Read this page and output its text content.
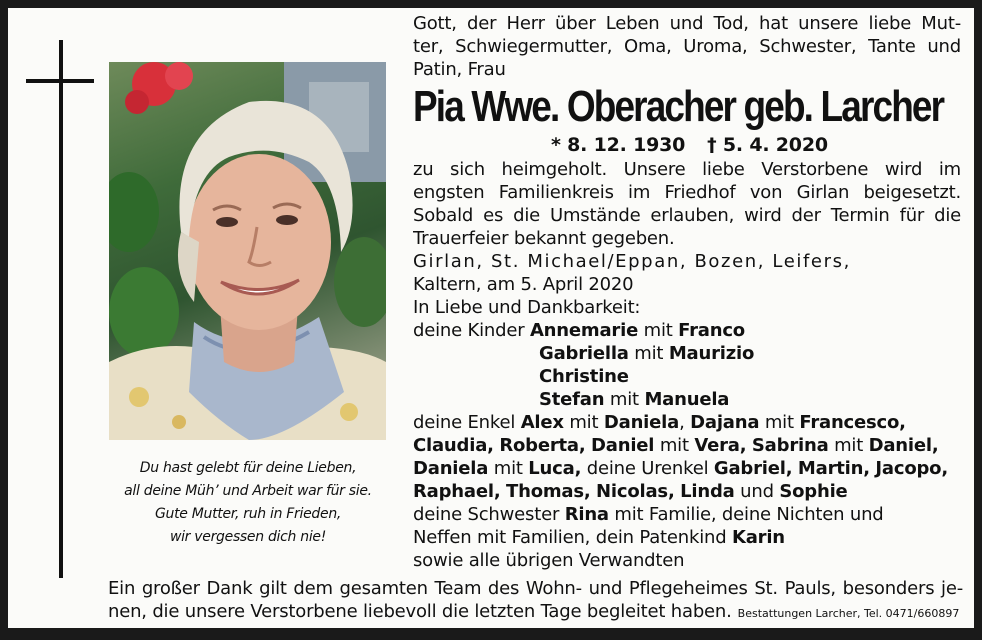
Du hast gelebt für deine Lieben,
all deine Müh’ und Arbeit war für sie.
Gute Mutter, ruh in Frieden,
wir vergessen dich nie!
Gott, der Herr über Leben und Tod, hat unsere liebe Mut-
ter, Schwiegermutter, Oma, Uroma, Schwester, Tante und
Patin, Frau
Pia Wwe. Oberacher geb. Larcher
* 8. 12. 1930 † 5. 4. 2020
zu sich heimgeholt. Unsere liebe Verstorbene wird im
engsten Familienkreis im Friedhof von Girlan beigesetzt.
Sobald es die Umstände erlauben, wird der Termin für die
Trauerfeier bekannt gegeben.
Girlan, St. Michael/Eppan, Bozen, Leifers,
Kaltern, am 5. April 2020
In Liebe und Dankbarkeit:
deine Kinder Annemarie mit Franco
Gabriella mit Maurizio
Christine
Stefan mit Manuela
deine Enkel Alex mit Daniela, Dajana mit Francesco,
Claudia, Roberta, Daniel mit Vera, Sabrina mit Daniel,
Daniela mit Luca, deine Urenkel Gabriel, Martin, Jacopo,
Raphael, Thomas, Nicolas, Linda und Sophie
deine Schwester Rina mit Familie, deine Nichten und
Neffen mit Familien, dein Patenkind Karin
sowie alle übrigen Verwandten
Ein großer Dank gilt dem gesamten Team des Wohn- und Pflegeheimes St. Pauls, besonders je-
nen, die unsere Verstorbene liebevoll die letzten Tage begleitet haben. Bestattungen Larcher, Tel. 0471/660897
